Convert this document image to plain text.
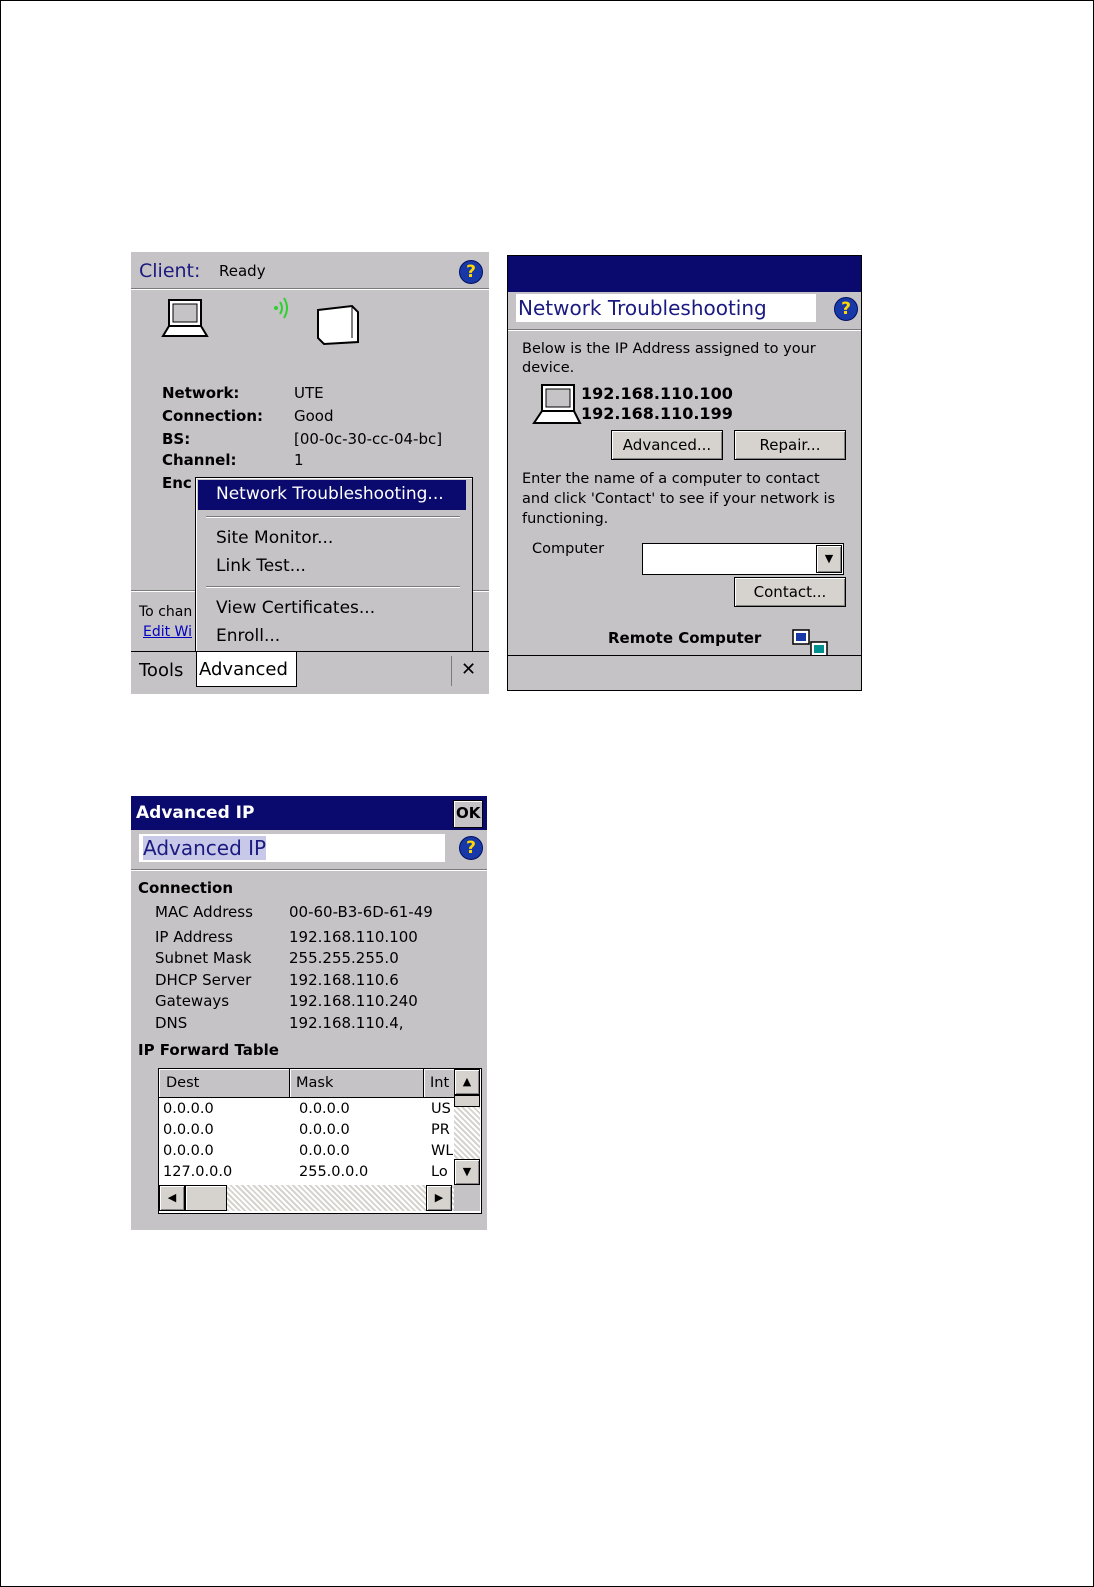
Client: Ready	?
Network:	UTE
Connection: Good
BS:	[00-0c-30-cc-04-bc]
Channel:	1
Enc
To chan
Edit Wi
Network Troubleshooting...
Site Monitor...
Link Test...
View Certificates...
Enroll...
Tools Advanced	✕
Network Troubleshooting	?
Below is the IP Address assigned to your device.
192.168.110.100
192.168.110.199
Advanced...	Repair...
Enter the name of a computer to contact and click 'Contact' to see if your network is functioning.
Computer
▼
Contact...
Remote Computer
Advanced IP	OK
Advanced IP	?
Connection
MAC Address 00-60-B3-6D-61-49
IP Address	192.168.110.100
Subnet Mask 255.255.255.0
DHCP Server	192.168.110.6
Gateways	192.168.110.240
DNS	192.168.110.4,
IP Forward Table
Dest	Mask	Int
0.0.0.0	0.0.0.0	US
0.0.0.0	0.0.0.0	PR
0.0.0.0	0.0.0.0	WL
127.0.0.0	255.0.0.0	Lo
▲
▼
◀	▶
